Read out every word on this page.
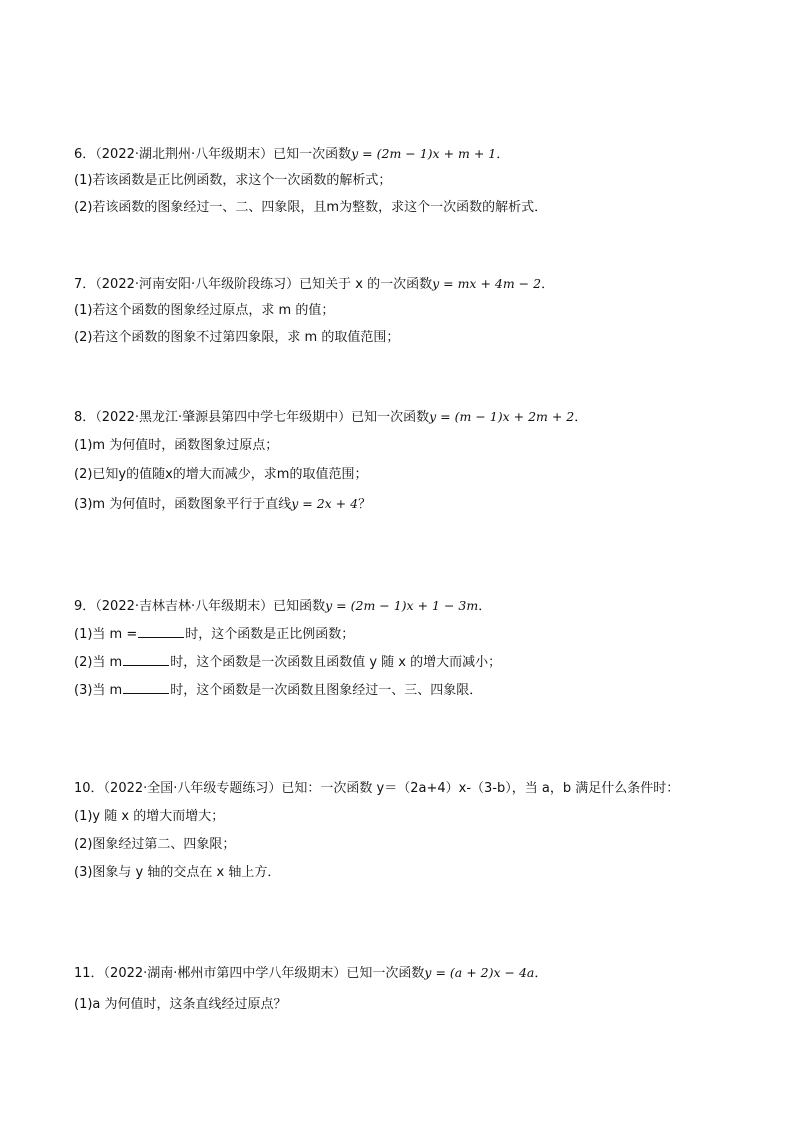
6．（2022·湖北荆州·八年级期末）已知一次函数y = (2m − 1)x + m + 1．
(1)若该函数是正比例函数，求这个一次函数的解析式；
(2)若该函数的图象经过一、二、四象限，且m为整数，求这个一次函数的解析式．
7．（2022·河南安阳·八年级阶段练习）已知关于 x 的一次函数y = mx + 4m − 2．
(1)若这个函数的图象经过原点，求 m 的值；
(2)若这个函数的图象不过第四象限，求 m 的取值范围；
8．（2022·黑龙江·肇源县第四中学七年级期中）已知一次函数y = (m − 1)x + 2m + 2．
(1)m 为何值时，函数图象过原点；
(2)已知y的值随x的增大而减少，求m的取值范围；
(3)m 为何值时，函数图象平行于直线y = 2x + 4？
9．（2022·吉林吉林·八年级期末）已知函数y = (2m − 1)x + 1 − 3m．
(1)当 m =	时，这个函数是正比例函数；
(2)当 m	时，这个函数是一次函数且函数值 y 随 x 的增大而减小；
(3)当 m	时，这个函数是一次函数且图象经过一、三、四象限．
10．（2022·全国·八年级专题练习）已知：一次函数 y＝（2a+4）x-（3-b），当 a，b 满足什么条件时：
(1)y 随 x 的增大而增大；
(2)图象经过第二、四象限；
(3)图象与 y 轴的交点在 x 轴上方．
11．（2022·湖南·郴州市第四中学八年级期末）已知一次函数y = (a + 2)x − 4a．
(1)a 为何值时，这条直线经过原点？
